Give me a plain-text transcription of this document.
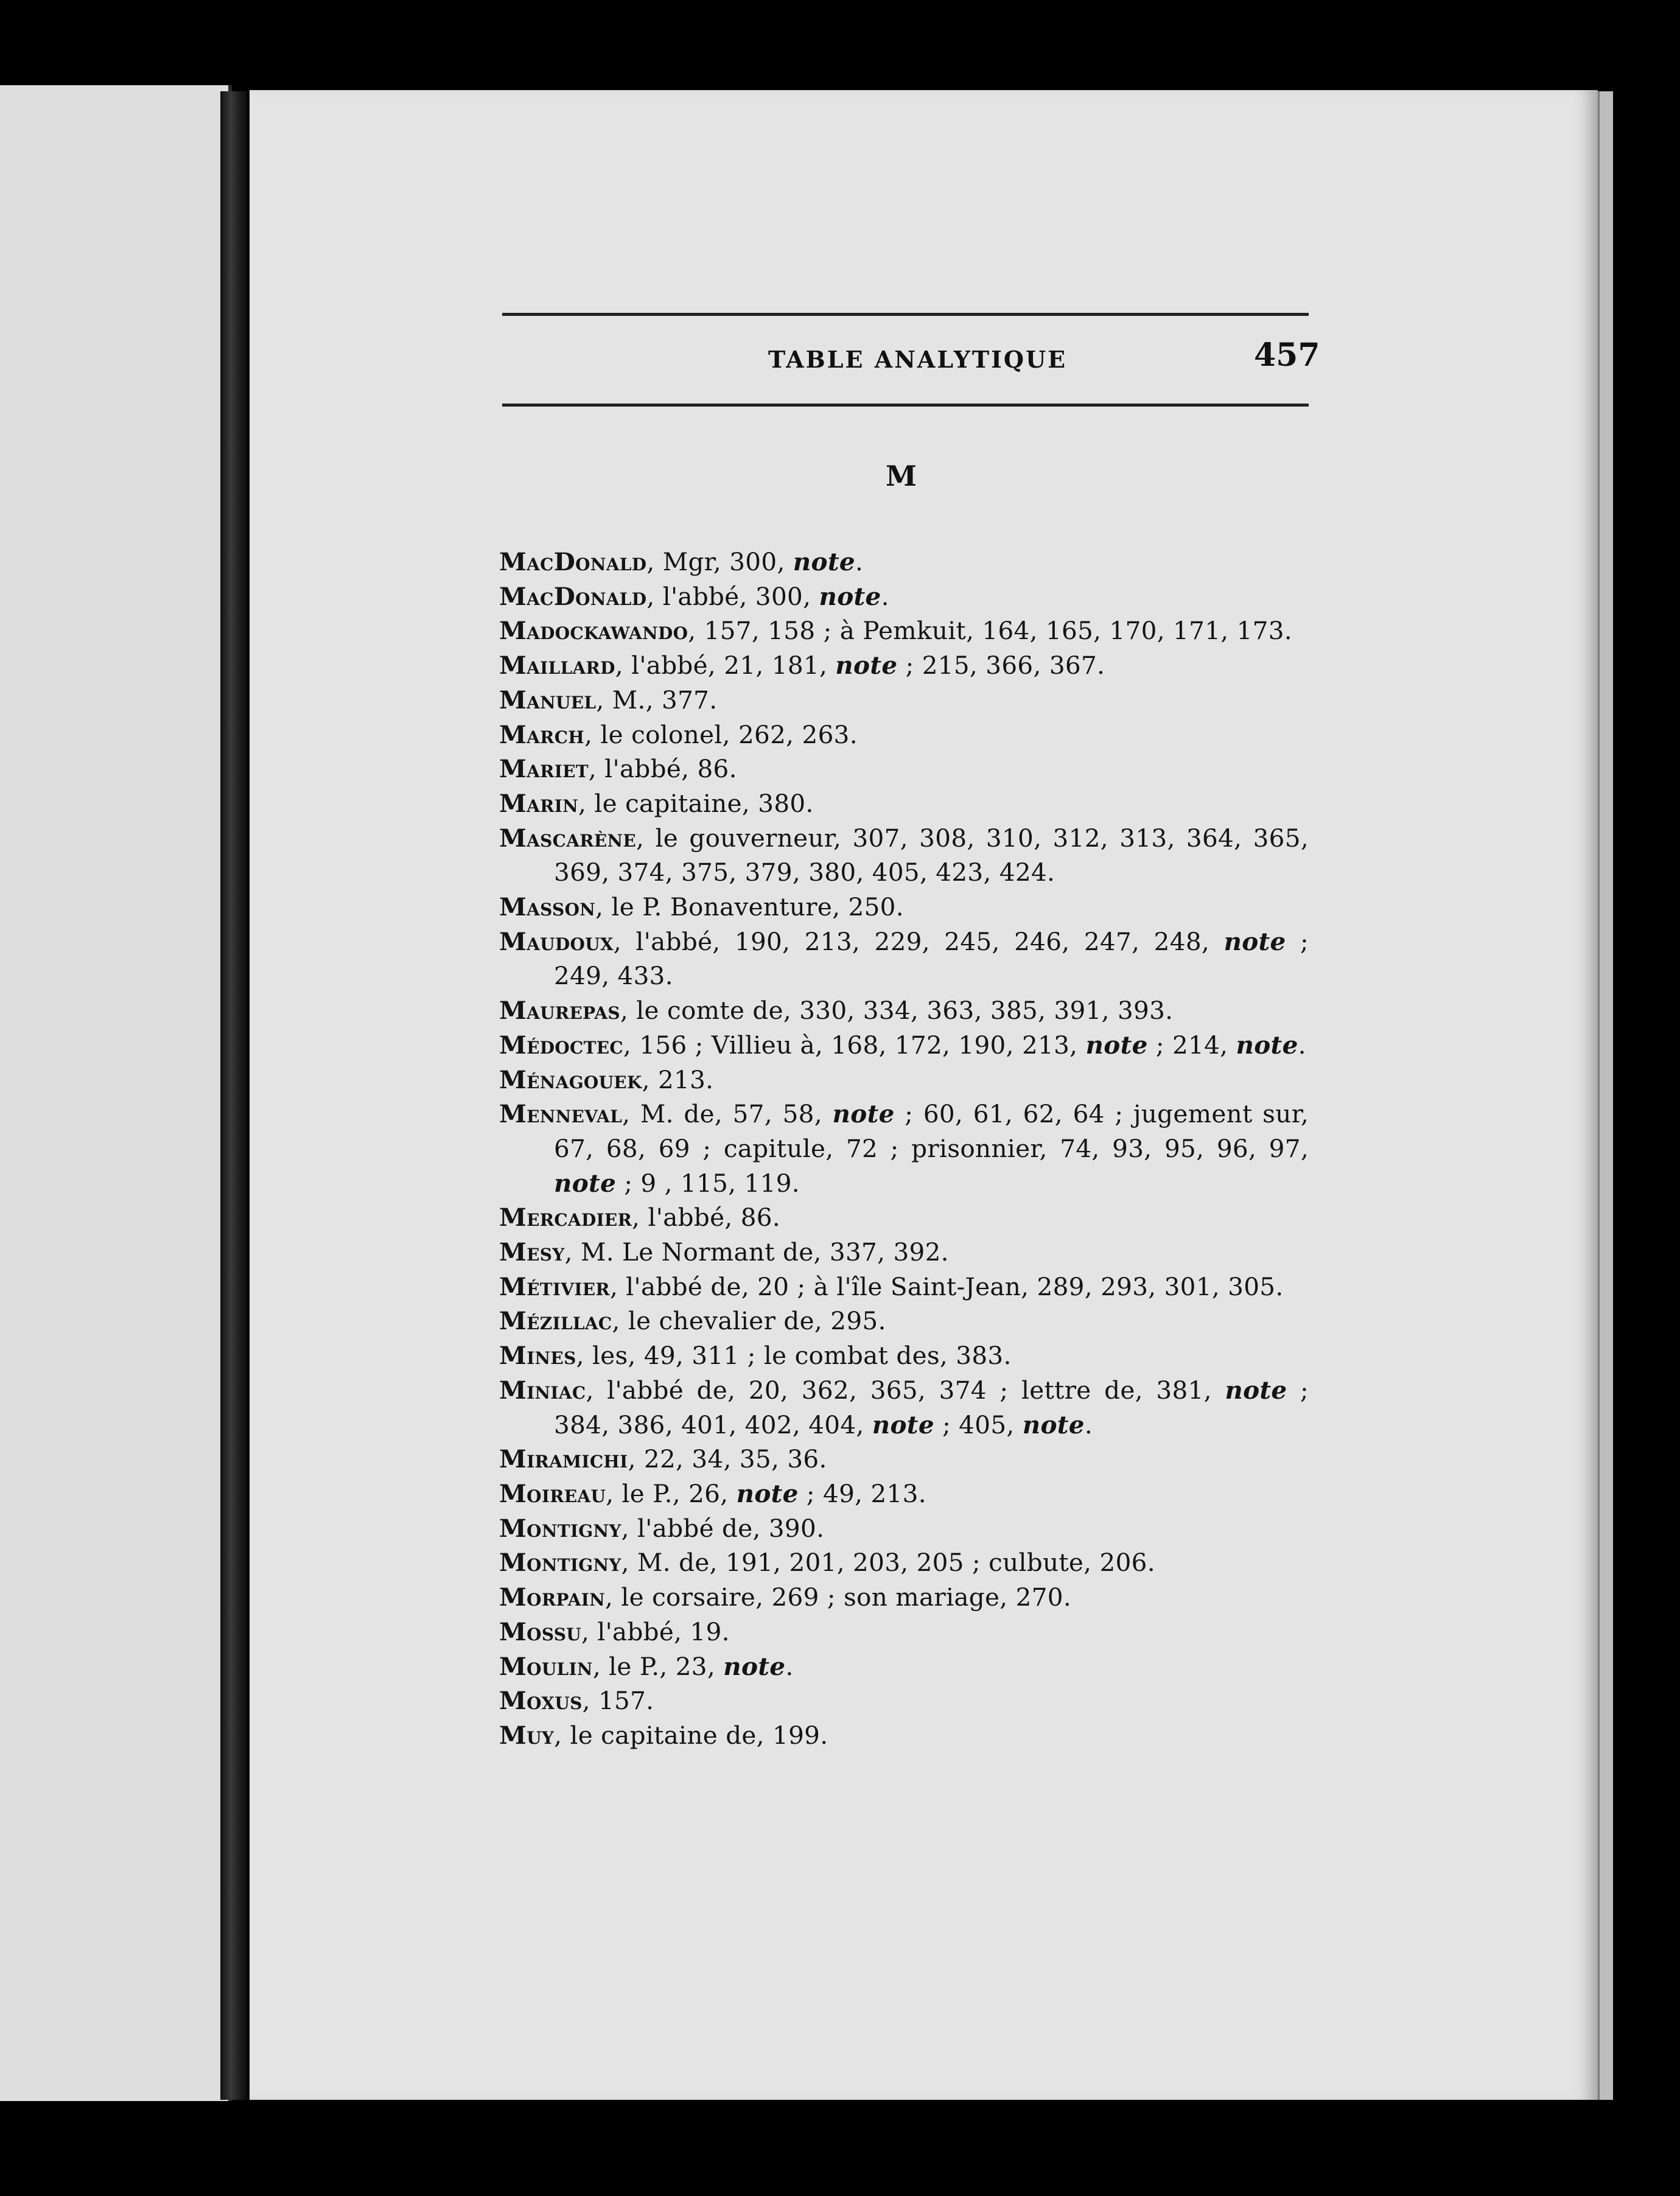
TABLE ANALYTIQUE	457
M
MacDonald, Mgr, 300, note.
MacDonald, l'abbé, 300, note.
Madockawando, 157, 158 ; à Pemkuit, 164, 165, 170, 171, 173.
Maillard, l'abbé, 21, 181, note ; 215, 366, 367.
Manuel, M., 377.
March, le colonel, 262, 263.
Mariet, l'abbé, 86.
Marin, le capitaine, 380.
Mascarène, le gouverneur, 307, 308, 310, 312, 313, 364, 365, 369, 374, 375, 379, 380, 405, 423, 424.
Masson, le P. Bonaventure, 250.
Maudoux, l'abbé, 190, 213, 229, 245, 246, 247, 248, note ; 249, 433.
Maurepas, le comte de, 330, 334, 363, 385, 391, 393.
Médoctec, 156 ; Villieu à, 168, 172, 190, 213, note ; 214, note.
Ménagouek, 213.
Menneval, M. de, 57, 58, note ; 60, 61, 62, 64 ; jugement sur, 67, 68, 69 ; capitule, 72 ; prisonnier, 74, 93, 95, 96, 97, note ; 9 , 115, 119.
Mercadier, l'abbé, 86.
Mesy, M. Le Normant de, 337, 392.
Métivier, l'abbé de, 20 ; à l'île Saint-Jean, 289, 293, 301, 305.
Mézillac, le chevalier de, 295.
Mines, les, 49, 311 ; le combat des, 383.
Miniac, l'abbé de, 20, 362, 365, 374 ; lettre de, 381, note ; 384, 386, 401, 402, 404, note ; 405, note.
Miramichi, 22, 34, 35, 36.
Moireau, le P., 26, note ; 49, 213.
Montigny, l'abbé de, 390.
Montigny, M. de, 191, 201, 203, 205 ; culbute, 206.
Morpain, le corsaire, 269 ; son mariage, 270.
Mossu, l'abbé, 19.
Moulin, le P., 23, note.
Moxus, 157.
Muy, le capitaine de, 199.
